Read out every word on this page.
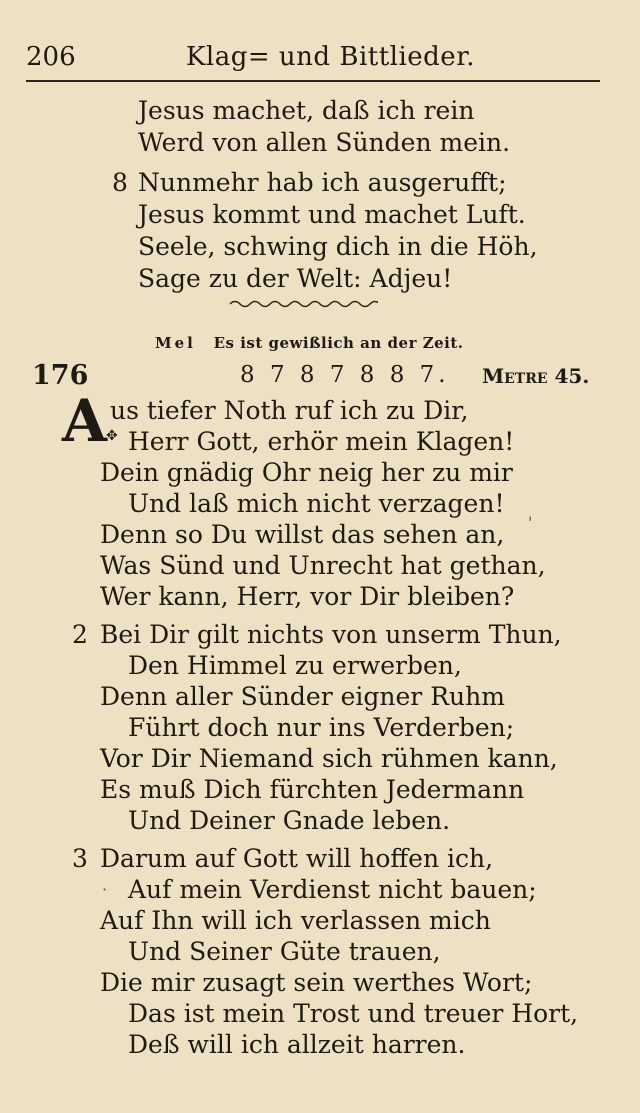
206	Klag= und Bittlieder.
Jesus machet, daß ich rein
Werd von allen Sünden mein.
8 Nunmehr hab ich ausgerufft;
Jesus kommt und machet Luft.
Seele, schwing dich in die Höh,
Sage zu der Welt: Adjeu!
Mel Es ist gewißlich an der Zeit.
176	8 7 8 7 8 8 7. Metre 45.
A
✥
us tiefer Noth ruf ich zu Dir,
Herr Gott, erhör mein Klagen!
Dein gnädig Ohr neig her zu mir
Und laß mich nicht verzagen!
Denn so Du willst das sehen an, '
Was Sünd und Unrecht hat gethan,
Wer kann, Herr, vor Dir bleiben?
2 Bei Dir gilt nichts von unserm Thun,
Den Himmel zu erwerben,
Denn aller Sünder eigner Ruhm
Führt doch nur ins Verderben;
Vor Dir Niemand sich rühmen kann,
Es muß Dich fürchten Jedermann
Und Deiner Gnade leben.
3 Darum auf Gott will hoffen ich,
· Auf mein Verdienst nicht bauen;
Auf Ihn will ich verlassen mich
Und Seiner Güte trauen,
Die mir zusagt sein werthes Wort;
Das ist mein Trost und treuer Hort,
Deß will ich allzeit harren.
